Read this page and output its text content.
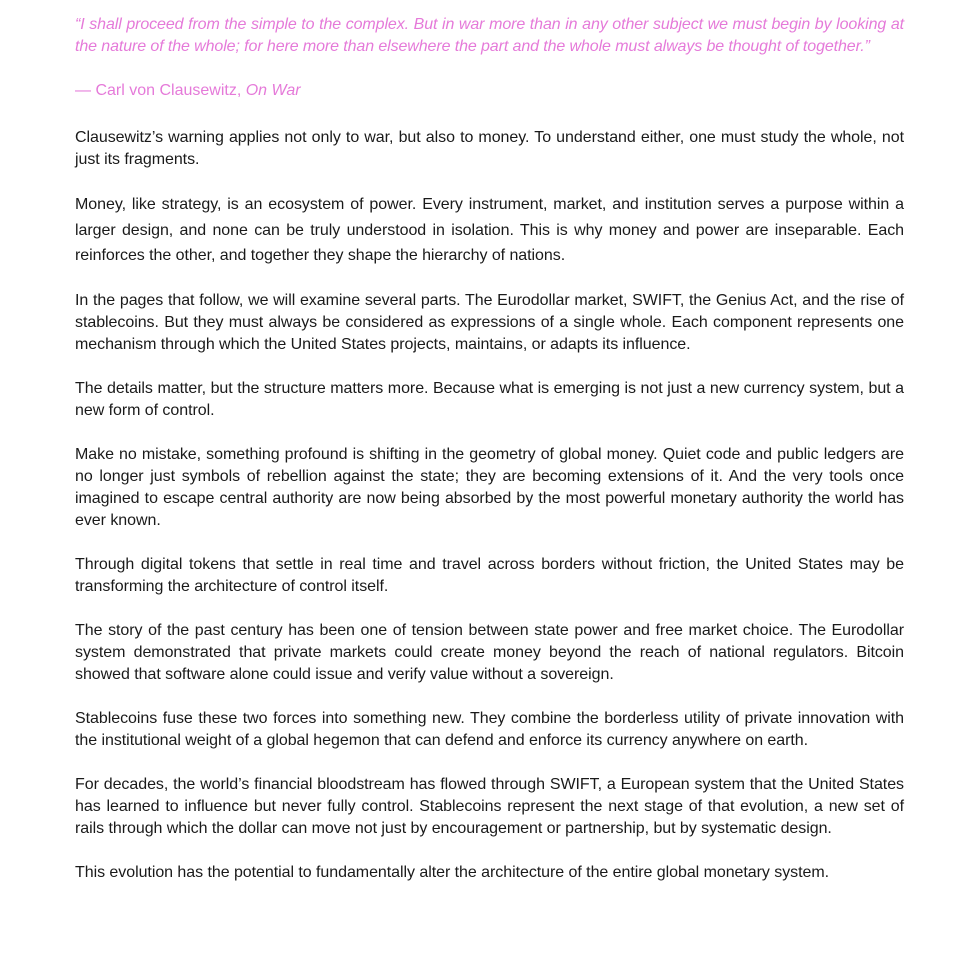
“I shall proceed from the simple to the complex. But in war more than in any other subject we must begin by looking at the nature of the whole; for here more than elsewhere the part and the whole must always be thought of together.”

— Carl von Clausewitz, On War

Clausewitz’s warning applies not only to war, but also to money. To understand either, one must study the whole, not just its fragments.

Money, like strategy, is an ecosystem of power. Every instrument, market, and institution serves a purpose within a larger design, and none can be truly understood in isolation. This is why money and power are inseparable. Each reinforces the other, and together they shape the hierarchy of nations.

In the pages that follow, we will examine several parts. The Eurodollar market, SWIFT, the Genius Act, and the rise of stablecoins. But they must always be considered as expressions of a single whole. Each component represents one mechanism through which the United States projects, maintains, or adapts its influence.

The details matter, but the structure matters more. Because what is emerging is not just a new currency system, but a new form of control.

Make no mistake, something profound is shifting in the geometry of global money. Quiet code and public ledgers are no longer just symbols of rebellion against the state; they are becoming extensions of it. And the very tools once imagined to escape central authority are now being absorbed by the most powerful monetary authority the world has ever known.

Through digital tokens that settle in real time and travel across borders without friction, the United States may be transforming the architecture of control itself.

The story of the past century has been one of tension between state power and free market choice. The Eurodollar system demonstrated that private markets could create money beyond the reach of national regulators. Bitcoin showed that software alone could issue and verify value without a sovereign.

Stablecoins fuse these two forces into something new. They combine the borderless utility of private innovation with the institutional weight of a global hegemon that can defend and enforce its currency anywhere on earth.

For decades, the world’s financial bloodstream has flowed through SWIFT, a European system that the United States has learned to influence but never fully control. Stablecoins represent the next stage of that evolution, a new set of rails through which the dollar can move not just by encouragement or partnership, but by systematic design.

This evolution has the potential to fundamentally alter the architecture of the entire global monetary system.
